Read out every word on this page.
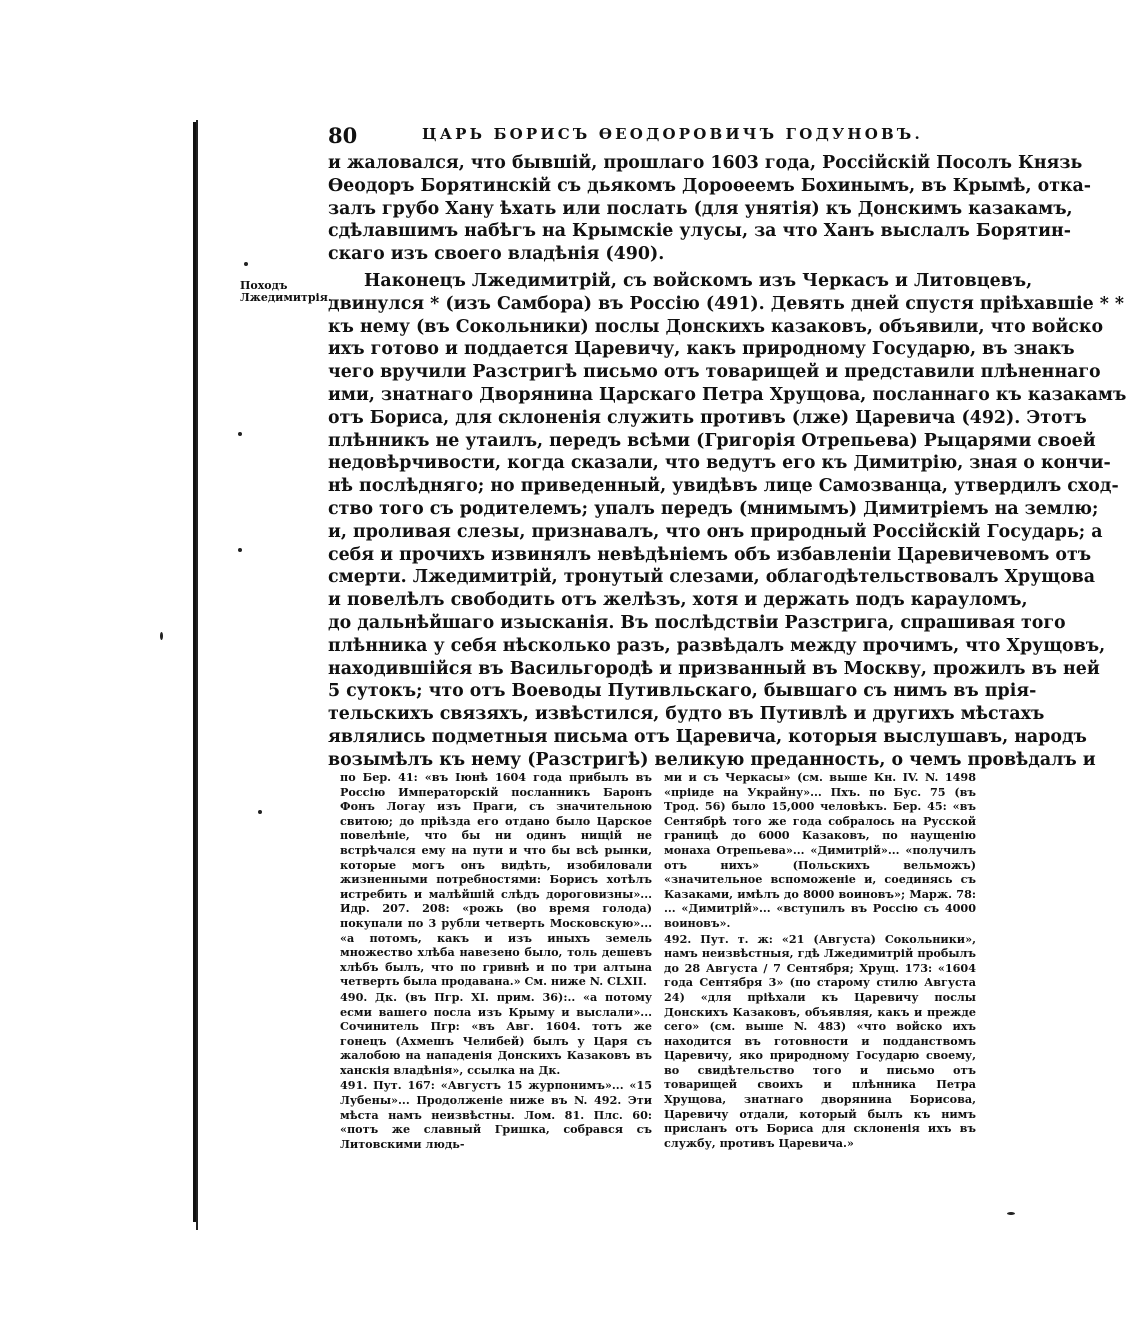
80	ЦАРЬ БОРИСЪ ѲЕОДОРОВИЧЪ ГОДУНОВЪ.
Походъ Лжедимитрія.

и жаловался, что бывшій, прошлаго 1603 года, Россійскій Посолъ Князь
Ѳеодоръ Борятинскій съ дьякомъ Дороѳеемъ Бохинымъ, въ Крымѣ, отка-
залъ грубо Хану ѣхать или послать (для унятія) къ Донскимъ казакамъ,
сдѣлавшимъ набѣгъ на Крымскіе улусы, за что Ханъ выслалъ Борятин-
скаго изъ своего владѣнія (490).

Наконецъ Лжедимитрій, съ войскомъ изъ Черкасъ и Литовцевъ,
двинулся * (изъ Самбора) въ Россію (491). Девять дней спустя пріѣхавшіе * *
къ нему (въ Сокольники) послы Донскихъ казаковъ, объявили, что войско
ихъ готово и поддается Царевичу, какъ природному Государю, въ знакъ
чего вручили Разстригѣ письмо отъ товарищей и представили плѣненнаго
ими, знатнаго Дворянина Царскаго Петра Хрущова, посланнаго къ казакамъ
отъ Бориса, для склоненія служить противъ (лже) Царевича (492). Этотъ
плѣнникъ не утаилъ, передъ всѣми (Григорія Отрепьева) Рыцарями своей
недовѣрчивости, когда сказали, что ведутъ его къ Димитрію, зная о кончи-
нѣ послѣдняго; но приведенный, увидѣвъ лице Самозванца, утвердилъ сход-
ство того съ родителемъ; упалъ передъ (мнимымъ) Димитріемъ на землю;
и, проливая слезы, признавалъ, что онъ природный Россійскій Государь; а
себя и прочихъ извинялъ невѣдѣніемъ объ избавленіи Царевичевомъ отъ
смерти. Лжедимитрій, тронутый слезами, облагодѣтельствовалъ Хрущова
и повелѣлъ свободить отъ желѣзъ, хотя и держать подъ карауломъ,
до дальнѣйшаго изысканія. Въ послѣдствіи Разстрига, спрашивая того
плѣнника у себя нѣсколько разъ, развѣдалъ между прочимъ, что Хрущовъ,
находившійся въ Васильгородѣ и призванный въ Москву, прожилъ въ ней
5 сутокъ; что отъ Воеводы Путивльскаго, бывшаго съ нимъ въ прія-
тельскихъ связяхъ, извѣстился, будто въ Путивлѣ и другихъ мѣстахъ
являлись подметныя письма отъ Царевича, которыя выслушавъ, народъ
возымѣлъ къ нему (Разстригѣ) великую преданность, о чемъ провѣдалъ и

по Бер. 41: «въ Іюнѣ 1604 года прибылъ въ Россію Императорскій посланникъ Баронъ Фонъ Логау изъ Праги, съ значительною свитою; до прiѣзда его отдано было Царское повелѣніе, что бы ни одинъ нищій не встрѣчался ему на пути и что бы всѣ рынки, которые могъ онъ видѣть, изобиловали жизненными потребностями: Борисъ хотѣлъ истребить и малѣйшій слѣдъ дороговизны»... Идр. 207. 208: «рожь (во время голода) покупали по 3 рубли четверть Московскую»... «а потомъ, какъ и изъ иныхъ земель множество хлѣба навезено было, толь дешевъ хлѣбъ былъ, что по гривнѣ и по три алтына четверть была продавана.» См. ниже N. CLXII.

490. Дк. (въ Пгр. XI. прим. 36):.. «а потому есми вашего посла изъ Крыму и выслали»... Сочинитель Пгр: «въ Авг. 1604. тотъ же гонецъ (Ахмешъ Челибей) былъ у Царя съ жалобою на нападенія Донскихъ Казаковъ въ ханскія владѣнія», ссылка на Дк.

491. Пут. 167: «Августъ 15 журпонимъ»... «15 Лубены»... Продолженіе ниже въ N. 492. Эти мѣста намъ неизвѣстны. Лом. 81. Плс. 60: «потъ же славный Гришка, собрався съ Литовскими людь-

ми и съ Черкасы» (см. выше Кн. IV. N. 1498 «пріиде на Украйну»... Пхъ. по Бус. 75 (въ Трод. 56) было 15,000 человѣкъ. Бер. 45: «въ Сентябрѣ того же года собралось на Русской границѣ до 6000 Казаковъ, по наущенію монаха Отрепьева»... «Димитрій»... «получилъ отъ нихъ» (Польскихъ вельможъ) «значительное вспоможеніе и, соединясь съ Казаками, имѣлъ до 8000 воиновъ»; Марж. 78: ... «Димитрій»... «вступилъ въ Россію съ 4000 воиновъ».

492. Пут. т. ж: «21 (Августа) Сокольники», намъ неизвѣстныя, гдѣ Лжедимитрій пробылъ до 28 Августа / 7 Сентября; Хрущ. 173: «1604 года Сентября 3» (по старому стилю Августа 24) «для пріѣхали къ Царевичу послы Донскихъ Казаковъ, объявляя, какъ и прежде сего» (см. выше N. 483) «что войско ихъ находится въ готовности и подданствомъ Царевичу, яко природному Государю своему, во свидѣтельство того и письмо отъ товарищей своихъ и плѣнника Петра Хрущова, знатнаго дворянина Борисова, Царевичу отдали, который былъ къ нимъ присланъ отъ Бориса для склоненія ихъ въ службу, противъ Царевича.»
